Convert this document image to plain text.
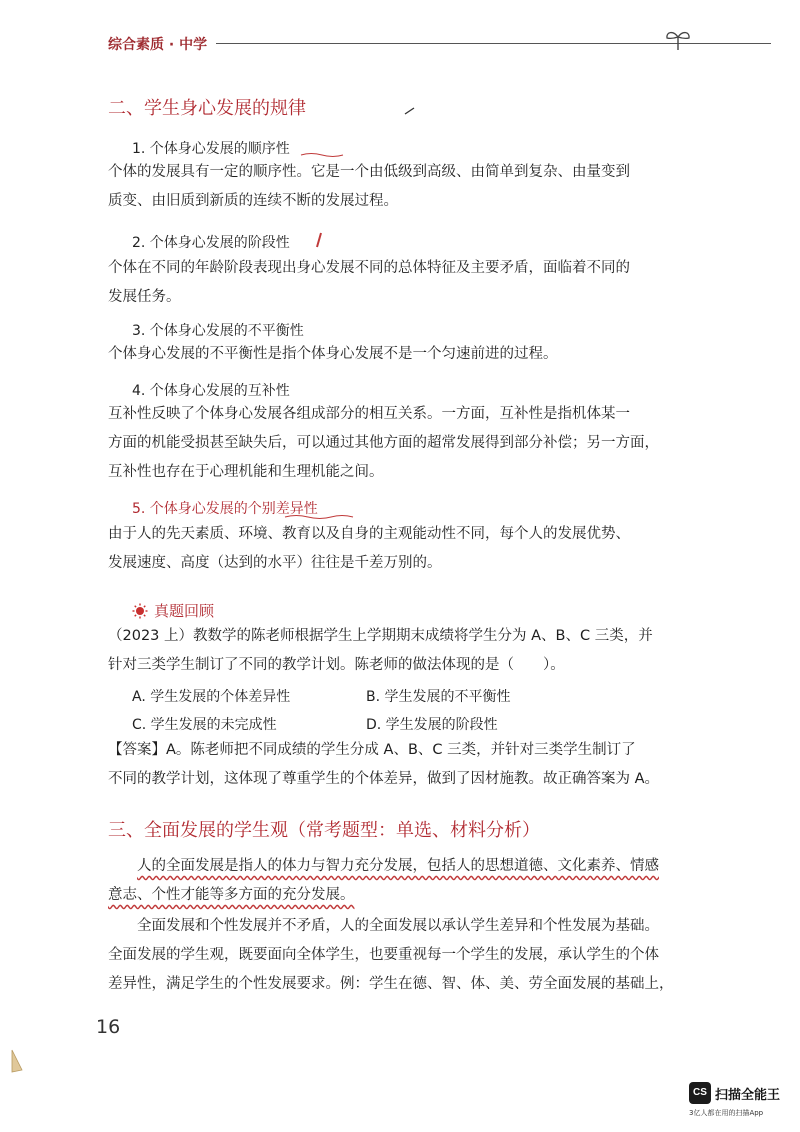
综合素质 · 中学
二、学生身心发展的规律
1. 个体身心发展的顺序性
个体的发展具有一定的顺序性。它是一个由低级到高级、由简单到复杂、由量变到
质变、由旧质到新质的连续不断的发展过程。
2. 个体身心发展的阶段性
个体在不同的年龄阶段表现出身心发展不同的总体特征及主要矛盾，面临着不同的
发展任务。
3. 个体身心发展的不平衡性
个体身心发展的不平衡性是指个体身心发展不是一个匀速前进的过程。
4. 个体身心发展的互补性
互补性反映了个体身心发展各组成部分的相互关系。一方面，互补性是指机体某一
方面的机能受损甚至缺失后，可以通过其他方面的超常发展得到部分补偿；另一方面，
互补性也存在于心理机能和生理机能之间。
5. 个体身心发展的个别差异性
由于人的先天素质、环境、教育以及自身的主观能动性不同，每个人的发展优势、
发展速度、高度（达到的水平）往往是千差万别的。
真题回顾
（2023 上）教数学的陈老师根据学生上学期期末成绩将学生分为 A、B、C 三类，并
针对三类学生制订了不同的教学计划。陈老师的做法体现的是（　　）。
A. 学生发展的个体差异性	B. 学生发展的不平衡性
C. 学生发展的未完成性	D. 学生发展的阶段性
【答案】A。陈老师把不同成绩的学生分成 A、B、C 三类，并针对三类学生制订了
不同的教学计划，这体现了尊重学生的个体差异，做到了因材施教。故正确答案为 A。
三、全面发展的学生观（常考题型：单选、材料分析）
人的全面发展是指人的体力与智力充分发展，包括人的思想道德、文化素养、情感
意志、个性才能等多方面的充分发展。
全面发展和个性发展并不矛盾，人的全面发展以承认学生差异和个性发展为基础。
全面发展的学生观，既要面向全体学生，也要重视每一个学生的发展，承认学生的个体
差异性，满足学生的个性发展要求。例：学生在德、智、体、美、劳全面发展的基础上，
16
CS 扫描全能王
3亿人都在用的扫描App
